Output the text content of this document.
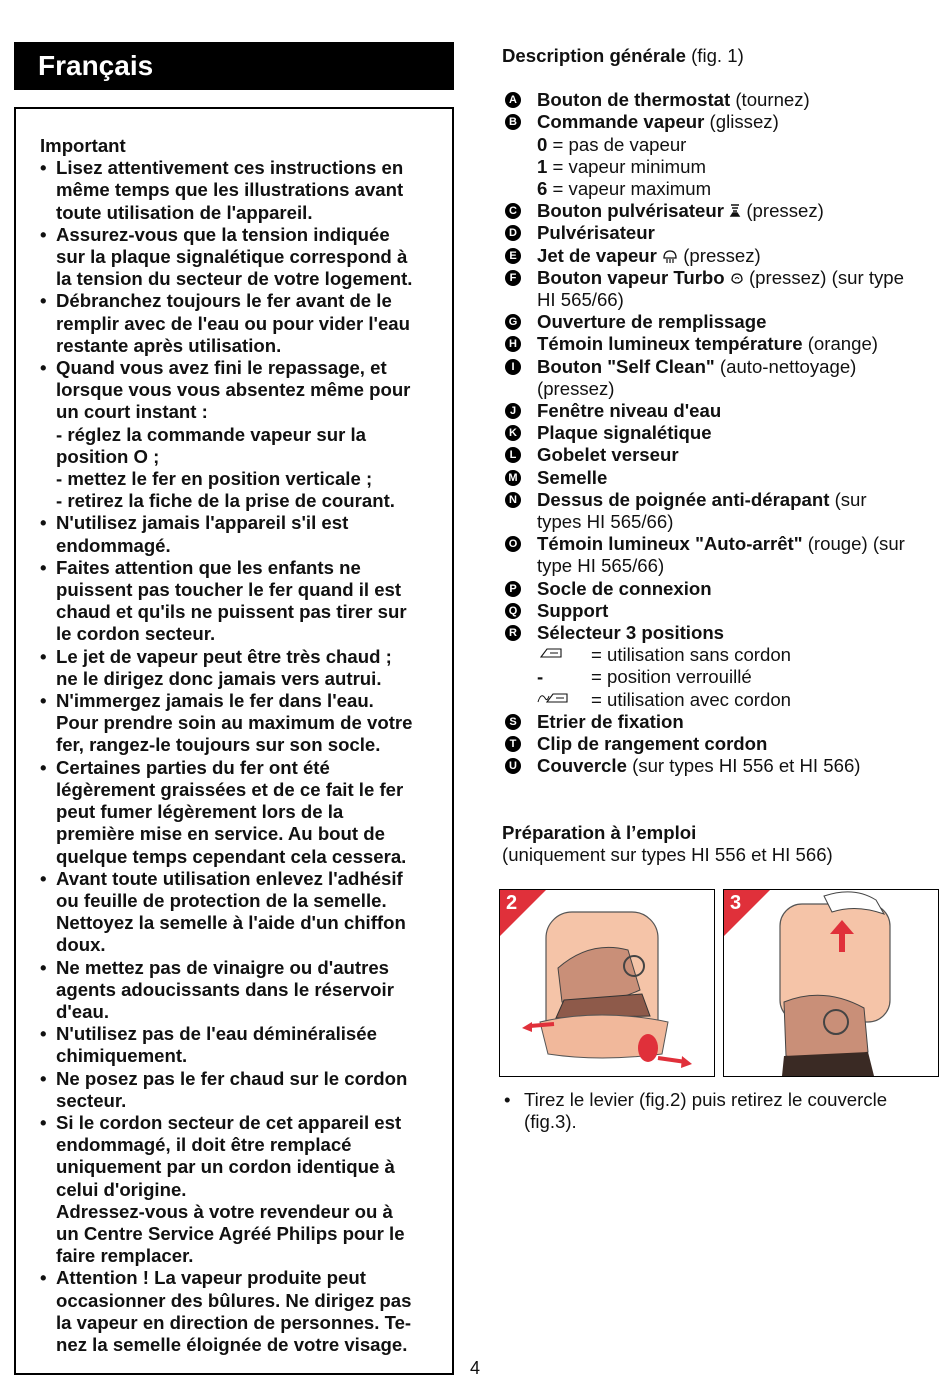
Français
Important
• Lisez attentivement ces instructions en
même temps que les illustrations avant
toute utilisation de l'appareil.
• Assurez-vous que la tension indiquée
sur la plaque signalétique correspond à
la tension du secteur de votre logement.
• Débranchez toujours le fer avant de le
remplir avec de l'eau ou pour vider l'eau
restante après utilisation.
• Quand vous avez fini le repassage, et
lorsque vous vous absentez même pour
un court instant :
- réglez la commande vapeur sur la
position O ;
- mettez le fer en position verticale ;
- retirez la fiche de la prise de courant.
• N'utilisez jamais l'appareil s'il est
endommagé.
• Faites attention que les enfants ne
puissent pas toucher le fer quand il est
chaud et qu'ils ne puissent pas tirer sur
le cordon secteur.
• Le jet de vapeur peut être très chaud ;
ne le dirigez donc jamais vers autrui.
• N'immergez jamais le fer dans l'eau.
Pour prendre soin au maximum de votre
fer, rangez-le toujours sur son socle.
• Certaines parties du fer ont été
légèrement graissées et de ce fait le fer
peut fumer légèrement lors de la
première mise en service. Au bout de
quelque temps cependant cela cessera.
• Avant toute utilisation enlevez l'adhésif
ou feuille de protection de la semelle.
Nettoyez la semelle à l'aide d'un chiffon
doux.
• Ne mettez pas de vinaigre ou d'autres
agents adoucissants dans le réservoir
d'eau.
• N'utilisez pas de l'eau déminéralisée
chimiquement.
• Ne posez pas le fer chaud sur le cordon
secteur.
• Si le cordon secteur de cet appareil est
endommagé, il doit être remplacé
uniquement par un cordon identique à
celui d'origine.
Adressez-vous à votre revendeur ou à
un Centre Service Agréé Philips pour le
faire remplacer.
• Attention ! La vapeur produite peut
occasionner des bûlures. Ne dirigez pas
la vapeur en direction de personnes. Te-
nez la semelle éloignée de votre visage.
Description générale (fig. 1)
A Bouton de thermostat (tournez)
B Commande vapeur (glissez)
0 = pas de vapeur
1 = vapeur minimum
6 = vapeur maximum
C Bouton pulvérisateur  (pressez)
D Pulvérisateur
E Jet de vapeur  (pressez)
F Bouton vapeur Turbo  (pressez) (sur type
HI 565/66)
G Ouverture de remplissage
H Témoin lumineux température (orange)
I	Bouton "Self Clean" (auto-nettoyage)
(pressez)
J Fenêtre niveau d'eau
K Plaque signalétique
L Gobelet verseur
M Semelle
N Dessus de poignée anti-dérapant (sur
types HI 565/66)
O Témoin lumineux "Auto-arrêt" (rouge) (sur
type HI 565/66)
P Socle de connexion
Q Support
R Sélecteur 3 positions
= utilisation sans cordon
-	= position verrouillé
= utilisation avec cordon
S Etrier de fixation
T Clip de rangement cordon
U Couvercle (sur types HI 556 et HI 566)
Préparation à l’emploi
(uniquement sur types HI 556 et HI 566)
2	3
• Tirez le levier (fig.2) puis retirez le couvercle
(fig.3).
4
